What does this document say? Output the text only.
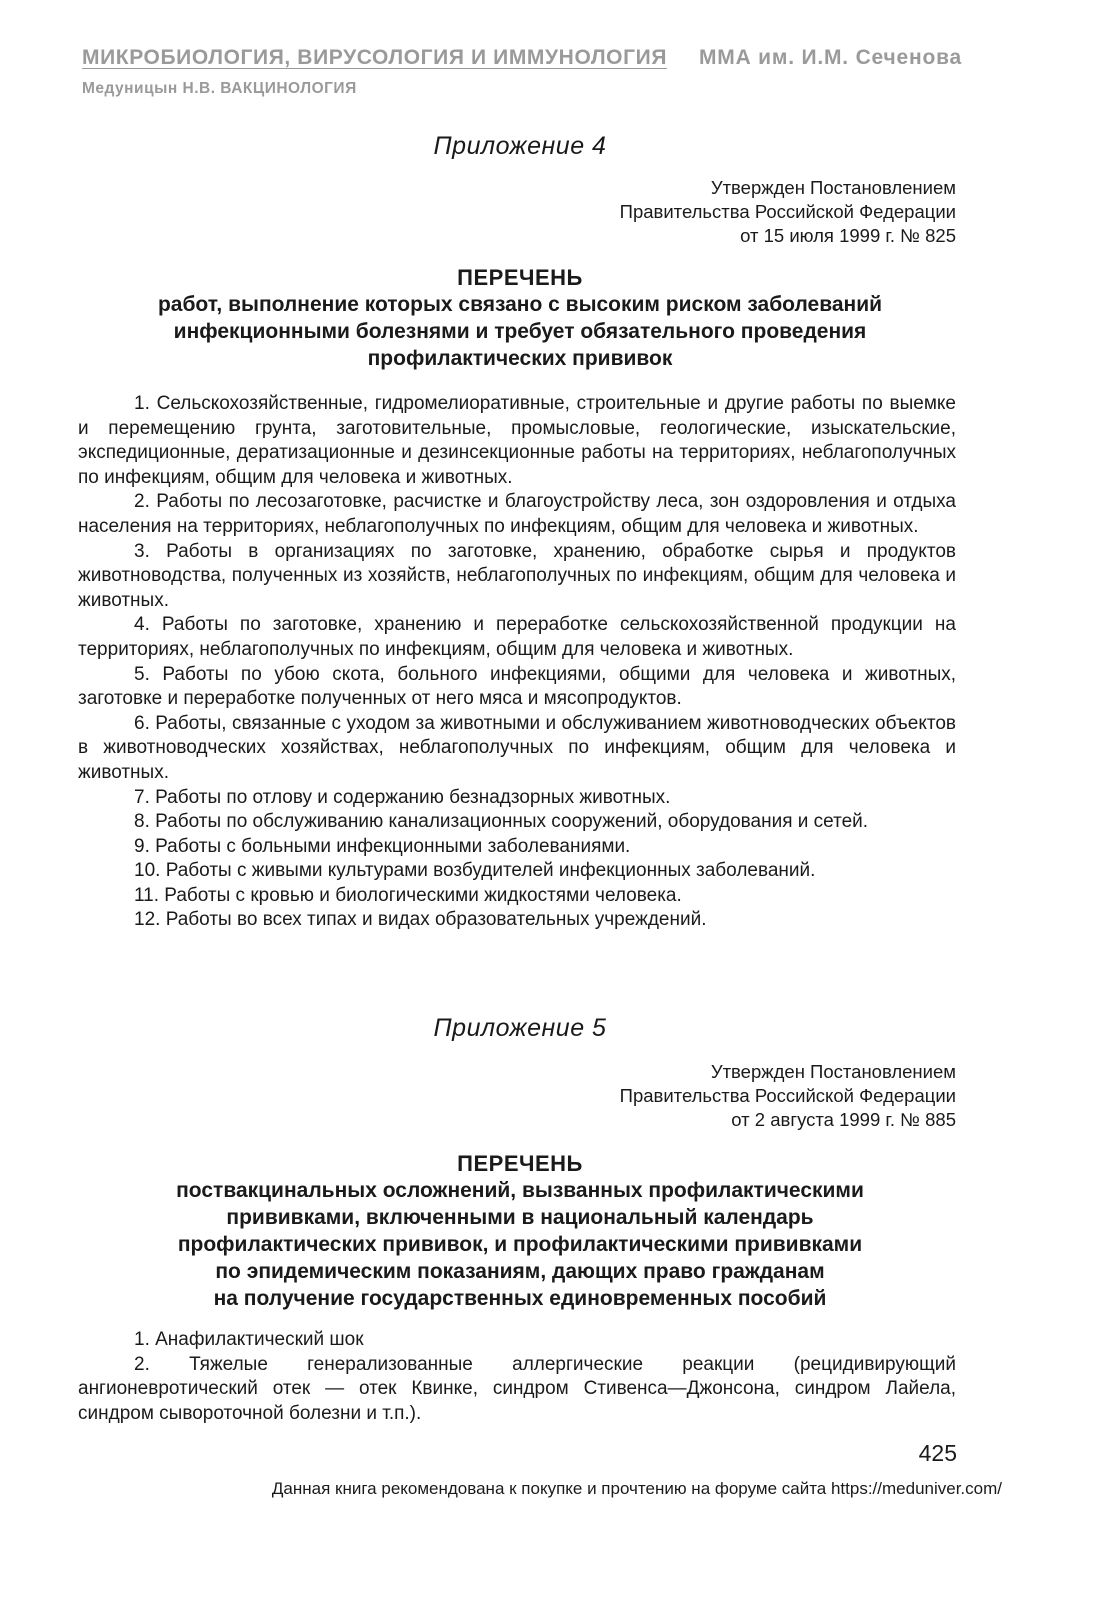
МИКРОБИОЛОГИЯ, ВИРУСОЛОГИЯ И ИММУНОЛОГИЯ ММА им. И.М. Сеченова
Медуницын Н.В. ВАКЦИНОЛОГИЯ
Приложение 4
Утвержден Постановлением
Правительства Российской Федерации
от 15 июля 1999 г. № 825
ПЕРЕЧЕНЬ
работ, выполнение которых связано с высоким риском заболеваний
инфекционными болезнями и требует обязательного проведения
профилактических прививок

1. Сельскохозяйственные, гидромелиоративные, строительные и другие работы по выемке и перемещению грунта, заготовительные, промысловые, геологические, изыскательские, экспедиционные, дератизационные и дезинсекционные работы на территориях, неблагополучных по инфекциям, общим для человека и животных.

2. Работы по лесозаготовке, расчистке и благоустройству леса, зон оздоровления и отдыха населения на территориях, неблагополучных по инфекциям, общим для человека и животных.

3. Работы в организациях по заготовке, хранению, обработке сырья и продуктов животноводства, полученных из хозяйств, неблагополучных по инфекциям, общим для человека и животных.

4. Работы по заготовке, хранению и переработке сельскохозяйственной продукции на территориях, неблагополучных по инфекциям, общим для человека и животных.

5. Работы по убою скота, больного инфекциями, общими для человека и животных, заготовке и переработке полученных от него мяса и мясопродуктов.

6. Работы, связанные с уходом за животными и обслуживанием животноводческих объектов в животноводческих хозяйствах, неблагополучных по инфекциям, общим для человека и животных.

7. Работы по отлову и содержанию безнадзорных животных.

8. Работы по обслуживанию канализационных сооружений, оборудования и сетей.

9. Работы с больными инфекционными заболеваниями.

10. Работы с живыми культурами возбудителей инфекционных заболеваний.

11. Работы с кровью и биологическими жидкостями человека.

12. Работы во всех типах и видах образовательных учреждений.

Приложение 5
Утвержден Постановлением
Правительства Российской Федерации
от 2 августа 1999 г. № 885
ПЕРЕЧЕНЬ
поствакцинальных осложнений, вызванных профилактическими
прививками, включенными в национальный календарь
профилактических прививок, и профилактическими прививками
по эпидемическим показаниям, дающих право гражданам
на получение государственных единовременных пособий

1. Анафилактический шок

2. Тяжелые генерализованные аллергические реакции (рецидивирующий ангионевротический отек — отек Квинке, синдром Стивенса—Джонсона, синдром Лайела, синдром сывороточной болезни и т.п.).

425
Данная книга рекомендована к покупке и прочтению на форуме сайта https://meduniver.com/
